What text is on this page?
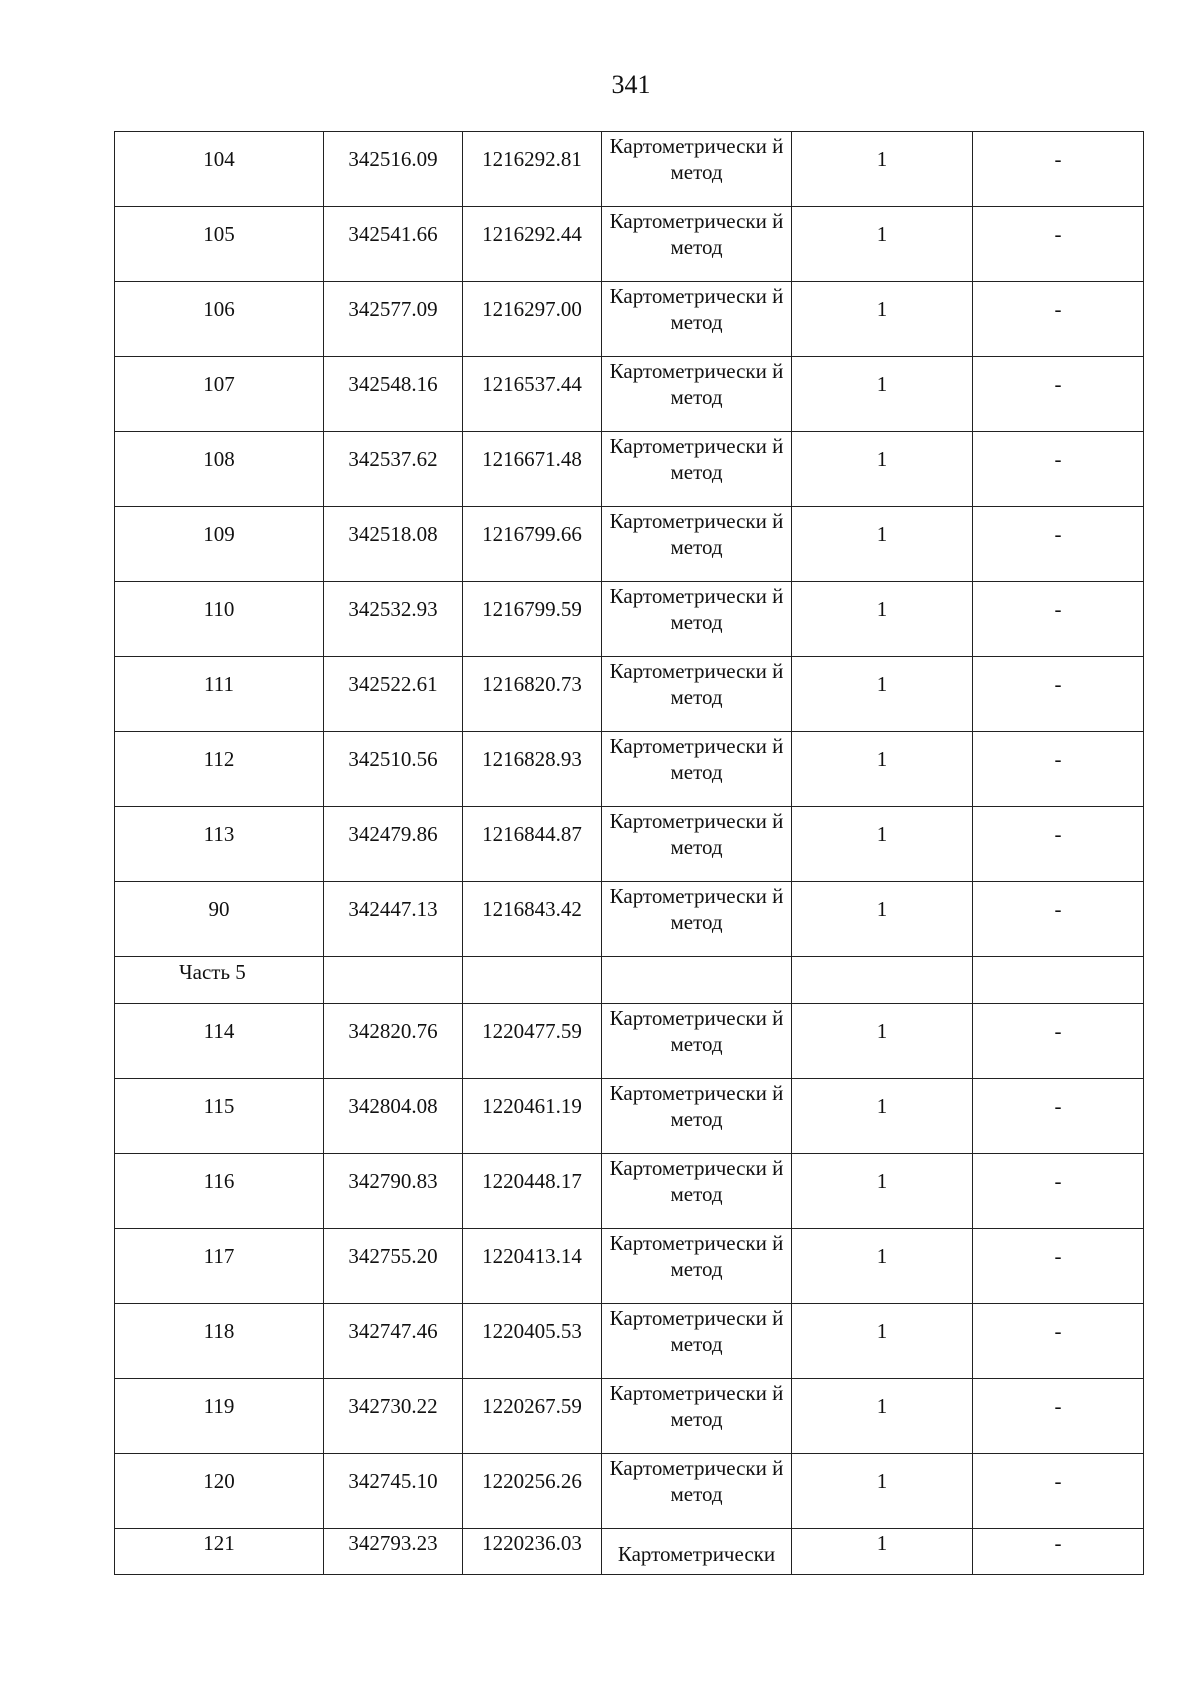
341
104	342516.09	1216292.81	Картометрически й метод	1	-

105	342541.66	1216292.44	Картометрически й метод	1	-

106	342577.09	1216297.00	Картометрически й метод	1	-

107	342548.16	1216537.44	Картометрически й метод	1	-

108	342537.62	1216671.48	Картометрически й метод	1	-

109	342518.08	1216799.66	Картометрически й метод	1	-

110	342532.93	1216799.59	Картометрически й метод	1	-

111	342522.61	1216820.73	Картометрически й метод	1	-

112	342510.56	1216828.93	Картометрически й метод	1	-

113	342479.86	1216844.87	Картометрически й метод	1	-

90	342447.13	1216843.42	Картометрически й метод	1	-

Часть 5					

114	342820.76	1220477.59	Картометрически й метод	1	-

115	342804.08	1220461.19	Картометрически й метод	1	-

116	342790.83	1220448.17	Картометрически й метод	1	-

117	342755.20	1220413.14	Картометрически й метод	1	-

118	342747.46	1220405.53	Картометрически й метод	1	-

119	342730.22	1220267.59	Картометрически й метод	1	-

120	342745.10	1220256.26	Картометрически й метод	1	-

121	342793.23	1220236.03	Картометрически	1	-
